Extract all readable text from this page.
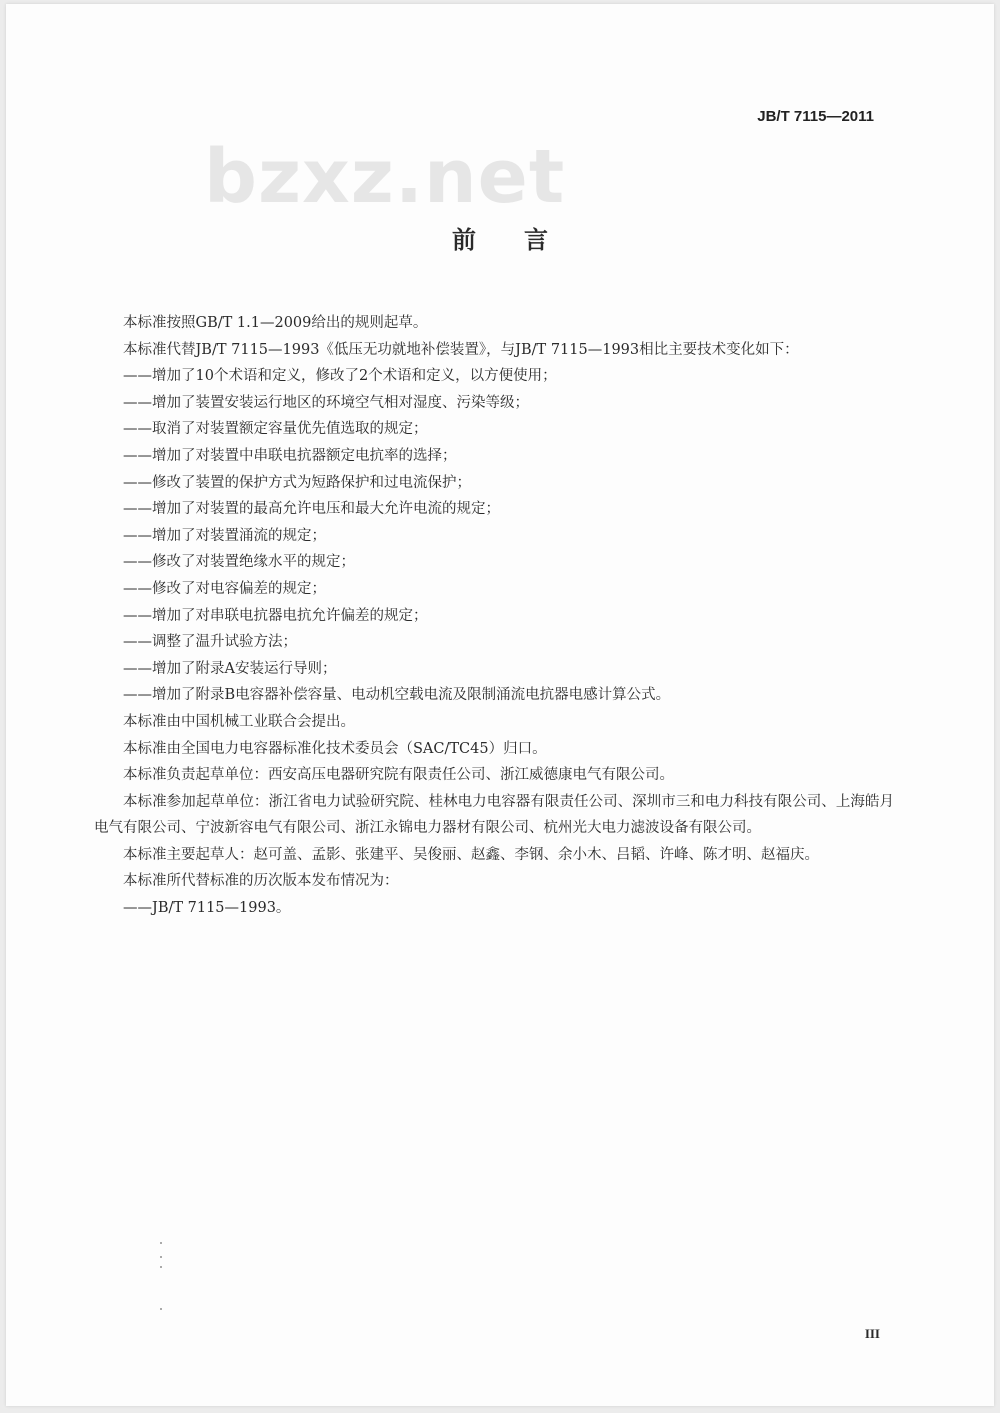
JB/T 7115—2011
bzxz.net
前言

本标准按照GB/T 1.1—2009给出的规则起草。

本标准代替JB/T 7115—1993《低压无功就地补偿装置》，与JB/T 7115—1993相比主要技术变化如下：

——增加了10个术语和定义，修改了2个术语和定义，以方便使用；

——增加了装置安装运行地区的环境空气相对湿度、污染等级；

——取消了对装置额定容量优先值选取的规定；

——增加了对装置中串联电抗器额定电抗率的选择；

——修改了装置的保护方式为短路保护和过电流保护；

——增加了对装置的最高允许电压和最大允许电流的规定；

——增加了对装置涌流的规定；

——修改了对装置绝缘水平的规定；

——修改了对电容偏差的规定；

——增加了对串联电抗器电抗允许偏差的规定；

——调整了温升试验方法；

——增加了附录A安装运行导则；

——增加了附录B电容器补偿容量、电动机空载电流及限制涌流电抗器电感计算公式。

本标准由中国机械工业联合会提出。

本标准由全国电力电容器标准化技术委员会（SAC/TC45）归口。

本标准负责起草单位：西安高压电器研究院有限责任公司、浙江威德康电气有限公司。

本标准参加起草单位：浙江省电力试验研究院、桂林电力电容器有限责任公司、深圳市三和电力科技有限公司、上海皓月电气有限公司、宁波新容电气有限公司、浙江永锦电力器材有限公司、杭州光大电力滤波设备有限公司。

本标准主要起草人：赵可盖、孟影、张建平、吴俊丽、赵鑫、李钢、余小木、吕韬、许峰、陈才明、赵福庆。

本标准所代替标准的历次版本发布情况为：

——JB/T 7115—1993。

III
